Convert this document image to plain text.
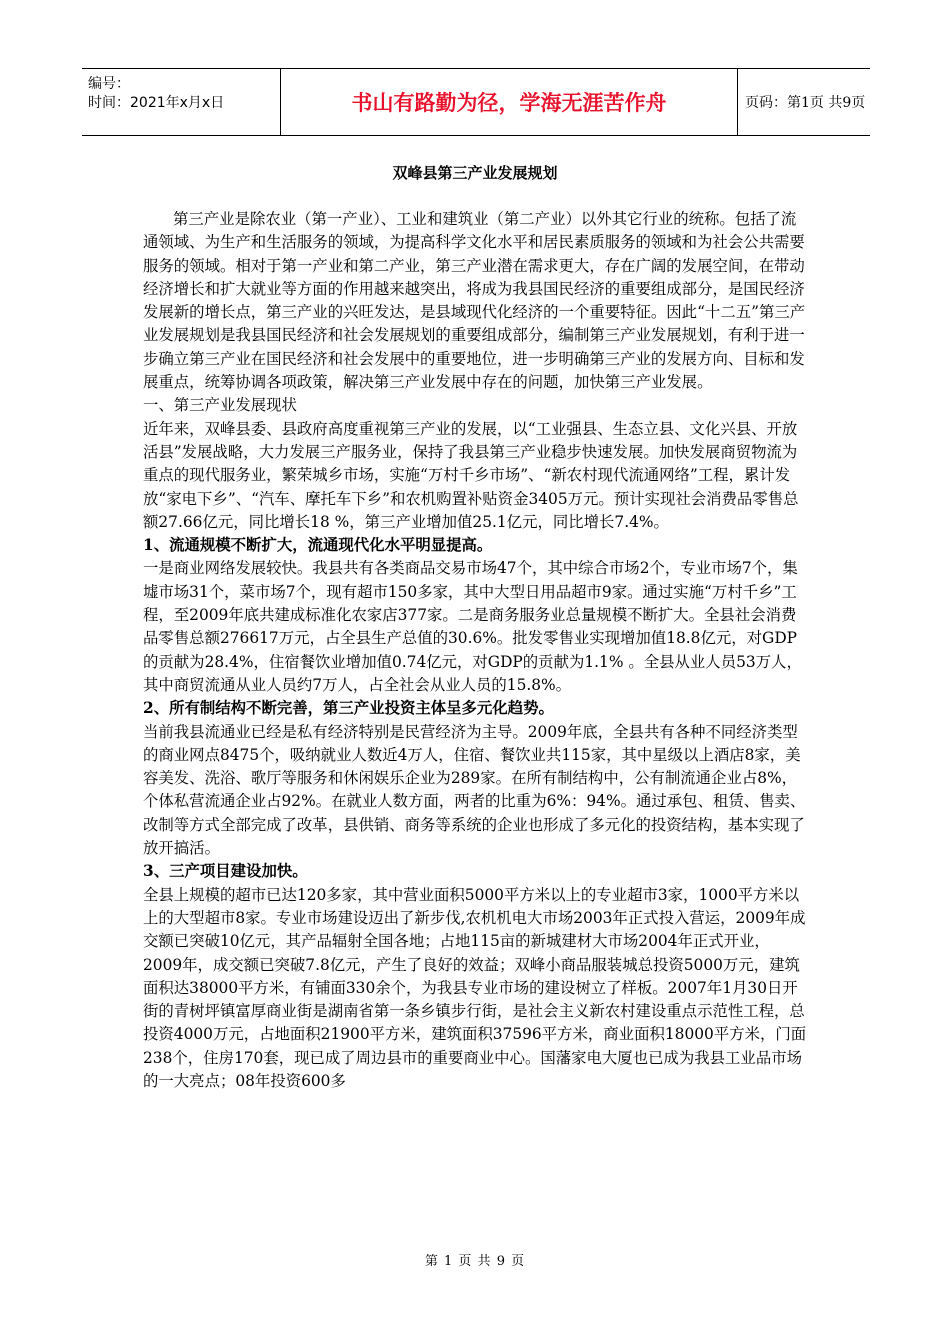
编号：
时间：2021年x月x日	书山有路勤为径，学海无涯苦作舟	页码：第1页 共9页
双峰县第三产业发展规划

第三产业是除农业（第一产业）、工业和建筑业（第二产业）以外其它行业的统称。包括了流通领域、为生产和生活服务的领域，为提高科学文化水平和居民素质服务的领域和为社会公共需要服务的领域。相对于第一产业和第二产业，第三产业潜在需求更大，存在广阔的发展空间，在带动经济增长和扩大就业等方面的作用越来越突出，将成为我县国民经济的重要组成部分，是国民经济发展新的增长点，第三产业的兴旺发达，是县域现代化经济的一个重要特征。因此“十二五”第三产业发展规划是我县国民经济和社会发展规划的重要组成部分，编制第三产业发展规划，有利于进一步确立第三产业在国民经济和社会发展中的重要地位，进一步明确第三产业的发展方向、目标和发展重点，统筹协调各项政策，解决第三产业发展中存在的问题，加快第三产业发展。

一、第三产业发展现状

近年来，双峰县委、县政府高度重视第三产业的发展，以“工业强县、生态立县、文化兴县、开放活县”发展战略，大力发展三产服务业，保持了我县第三产业稳步快速发展。加快发展商贸物流为重点的现代服务业，繁荣城乡市场，实施“万村千乡市场”、“新农村现代流通网络”工程，累计发放“家电下乡”、“汽车、摩托车下乡”和农机购置补贴资金3405万元。预计实现社会消费品零售总额27.66亿元，同比增长18 %，第三产业增加值25.1亿元，同比增长7.4%。

1、流通规模不断扩大，流通现代化水平明显提高。

一是商业网络发展较快。我县共有各类商品交易市场47个，其中综合市场2个，专业市场7个，集墟市场31个，菜市场7个，现有超市150多家，其中大型日用品超市9家。通过实施“万村千乡”工程，至2009年底共建成标准化农家店377家。二是商务服务业总量规模不断扩大。全县社会消费品零售总额276617万元，占全县生产总值的30.6%。批发零售业实现增加值18.8亿元，对GDP的贡献为28.4%，住宿餐饮业增加值0.74亿元，对GDP的贡献为1.1% 。全县从业人员53万人，其中商贸流通从业人员约7万人，占全社会从业人员的15.8%。

2、所有制结构不断完善，第三产业投资主体呈多元化趋势。

当前我县流通业已经是私有经济特别是民营经济为主导。2009年底，全县共有各种不同经济类型的商业网点8475个，吸纳就业人数近4万人，住宿、餐饮业共115家，其中星级以上酒店8家，美容美发、洗浴、歌厅等服务和休闲娱乐企业为289家。在所有制结构中，公有制流通企业占8%，个体私营流通企业占92%。在就业人数方面，两者的比重为6%：94%。通过承包、租赁、售卖、改制等方式全部完成了改革，县供销、商务等系统的企业也形成了多元化的投资结构，基本实现了放开搞活。

3、三产项目建设加快。

全县上规模的超市已达120多家，其中营业面积5000平方米以上的专业超市3家，1000平方米以上的大型超市8家。专业市场建设迈出了新步伐,农机机电大市场2003年正式投入营运，2009年成交额已突破10亿元，其产品辐射全国各地；占地115亩的新城建材大市场2004年正式开业， 2009年，成交额已突破7.8亿元，产生了良好的效益；双峰小商品服装城总投资5000万元，建筑面积达38000平方米，有铺面330余个，为我县专业市场的建设树立了样板。2007年1月30日开街的青树坪镇富厚商业街是湖南省第一条乡镇步行街，是社会主义新农村建设重点示范性工程，总投资4000万元，占地面积21900平方米，建筑面积37596平方米，商业面积18000平方米，门面238个，住房170套，现已成了周边县市的重要商业中心。国藩家电大厦也已成为我县工业品市场的一大亮点；08年投资600多

第 1 页 共 9 页
